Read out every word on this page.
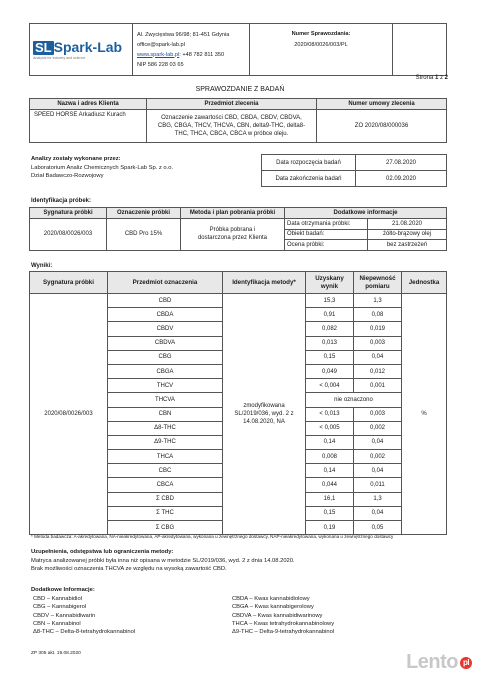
SL Spark-Lab
Analysis for industry and science

Al. Zwycięstwa 96/98; 81-451 Gdynia
office@spark-lab.pl
www.spark-lab.pl: +48 782 811 350
NIP 586 228 03 65

Numer Sprawozdania:
2020/08/0026/003/PL

Strona 1 z 2
SPRAWOZDANIE Z BADAŃ
Nazwa i adres Klienta	Przedmiot zlecenia	Numer umowy zlecenia
SPEED HORSE Arkadiusz Kurach	Oznaczenie zawartości CBD, CBDA, CBDV, CBDVA, CBG, CBGA, THCV, THCVA, CBN, delta9-THC, delta8-THC, THCA, CBCA, CBCA w próbce oleju.	ZO 2020/08/000036
Analizy zostały wykonane przez:
Laboratorium Analiz Chemicznych Spark-Lab Sp. z o.o.
Dział Badawczo-Rozwojowy
Data rozpoczęcia badań	27.08.2020
Data zakończenia badań	02.09.2020
Identyfikacja próbek:
Sygnatura próbki	Oznaczenie próbki	Metoda i plan pobrania próbki	Dodatkowe informacje	
2020/08/0026/003	CBD Pro 15%	Próbka pobrana i dostarczona przez Klienta	Data otrzymania próbki:	21.08.2020
			Obiekt badań:	żółto-brązowy olej
			Ocena próbki:	bez zastrzeżeń
Wyniki:
Sygnatura próbki	Przedmiot oznaczenia	Identyfikacja metody*	Uzyskany wynik	Niepewność pomiaru	Jednostka
2020/08/0026/003	CBD	zmodyfikowana SL/2019/036, wyd. 2 z 14.08.2020, NA	15,3	1,3	%
	CBDA		0,91	0,08	
	CBDV		0,082	0,019	
	CBDVA		0,013	0,003	
	CBG		0,15	0,04	
	CBGA		0,049	0,012	
	THCV		< 0,004	0,001	
	THCVA		nie oznaczono		
	CBN		< 0,013	0,003	
	Δ8-THC		< 0,005	0,002	
	Δ9-THC		0,14	0,04	
	THCA		0,008	0,002	
	CBC		0,14	0,04	
	CBCA		0,044	0,011	
	Σ CBD		16,1	1,3	
	Σ THC		0,15	0,04	
	Σ CBG		0,19	0,05	
* Metoda badawcza: A-akredytowana, NA-nieakredytowana, AP-akredytowana, wykonana u zewnętrznego dostawcy, NAP-nieakredytowana, wykonana u zewnętrznego dostawcy
Uzupełnienia, odstępstwa lub ograniczenia metody:
Matryca analizowanej próbki była inna niż opisana w metodzie SL/2019/036, wyd. 2 z dnia 14.08.2020.
Brak możliwości oznaczenia THCVA ze względu na wysoką zawartość CBD.
Dodatkowe Informacje:
CBD – Kannabidiol
CBG – Kannabigerol
CBDV – Kannabidiwarin
CBN – Kannabinol
Δ8-THC – Delta-8-tetrahydrokannabinol
CBDA – Kwas kannabidiolowy
CBGA – Kwas kannabigerolowy
CBDVA – Kwas kannabidiwarinowy
THCA – Kwas tetrahydrokannabinolowy
Δ9-THC – Delta-9-tetrahydrokannabinol
ZP 305 akt. 19.08.2020	Lento pl
